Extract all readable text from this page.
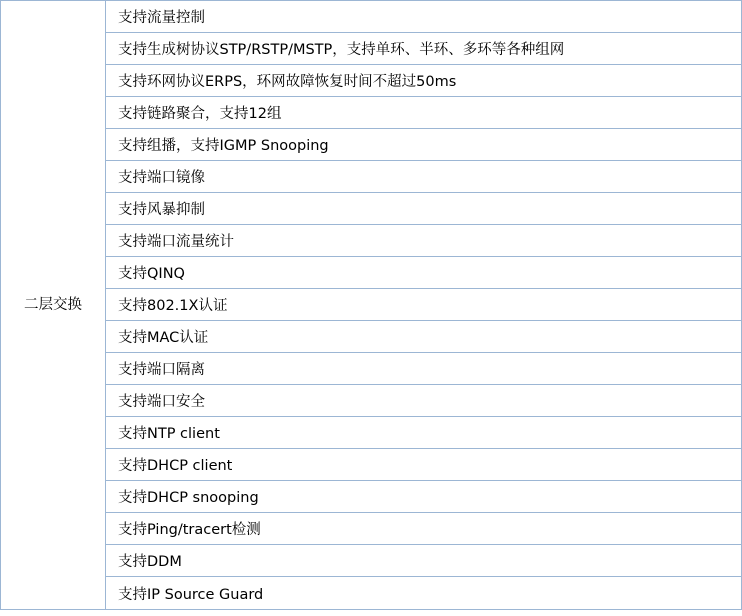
二层交换	
支持流量控制
支持生成树协议STP/RSTP/MSTP，支持单环、半环、多环等各种组网
支持环网协议ERPS，环网故障恢复时间不超过50ms
支持链路聚合，支持12组
支持组播，支持IGMP Snooping
支持端口镜像
支持风暴抑制
支持端口流量统计
支持QINQ
支持802.1X认证
支持MAC认证
支持端口隔离
支持端口安全
支持NTP client
支持DHCP client
支持DHCP snooping
支持Ping/tracert检测
支持DDM
支持IP Source Guard
